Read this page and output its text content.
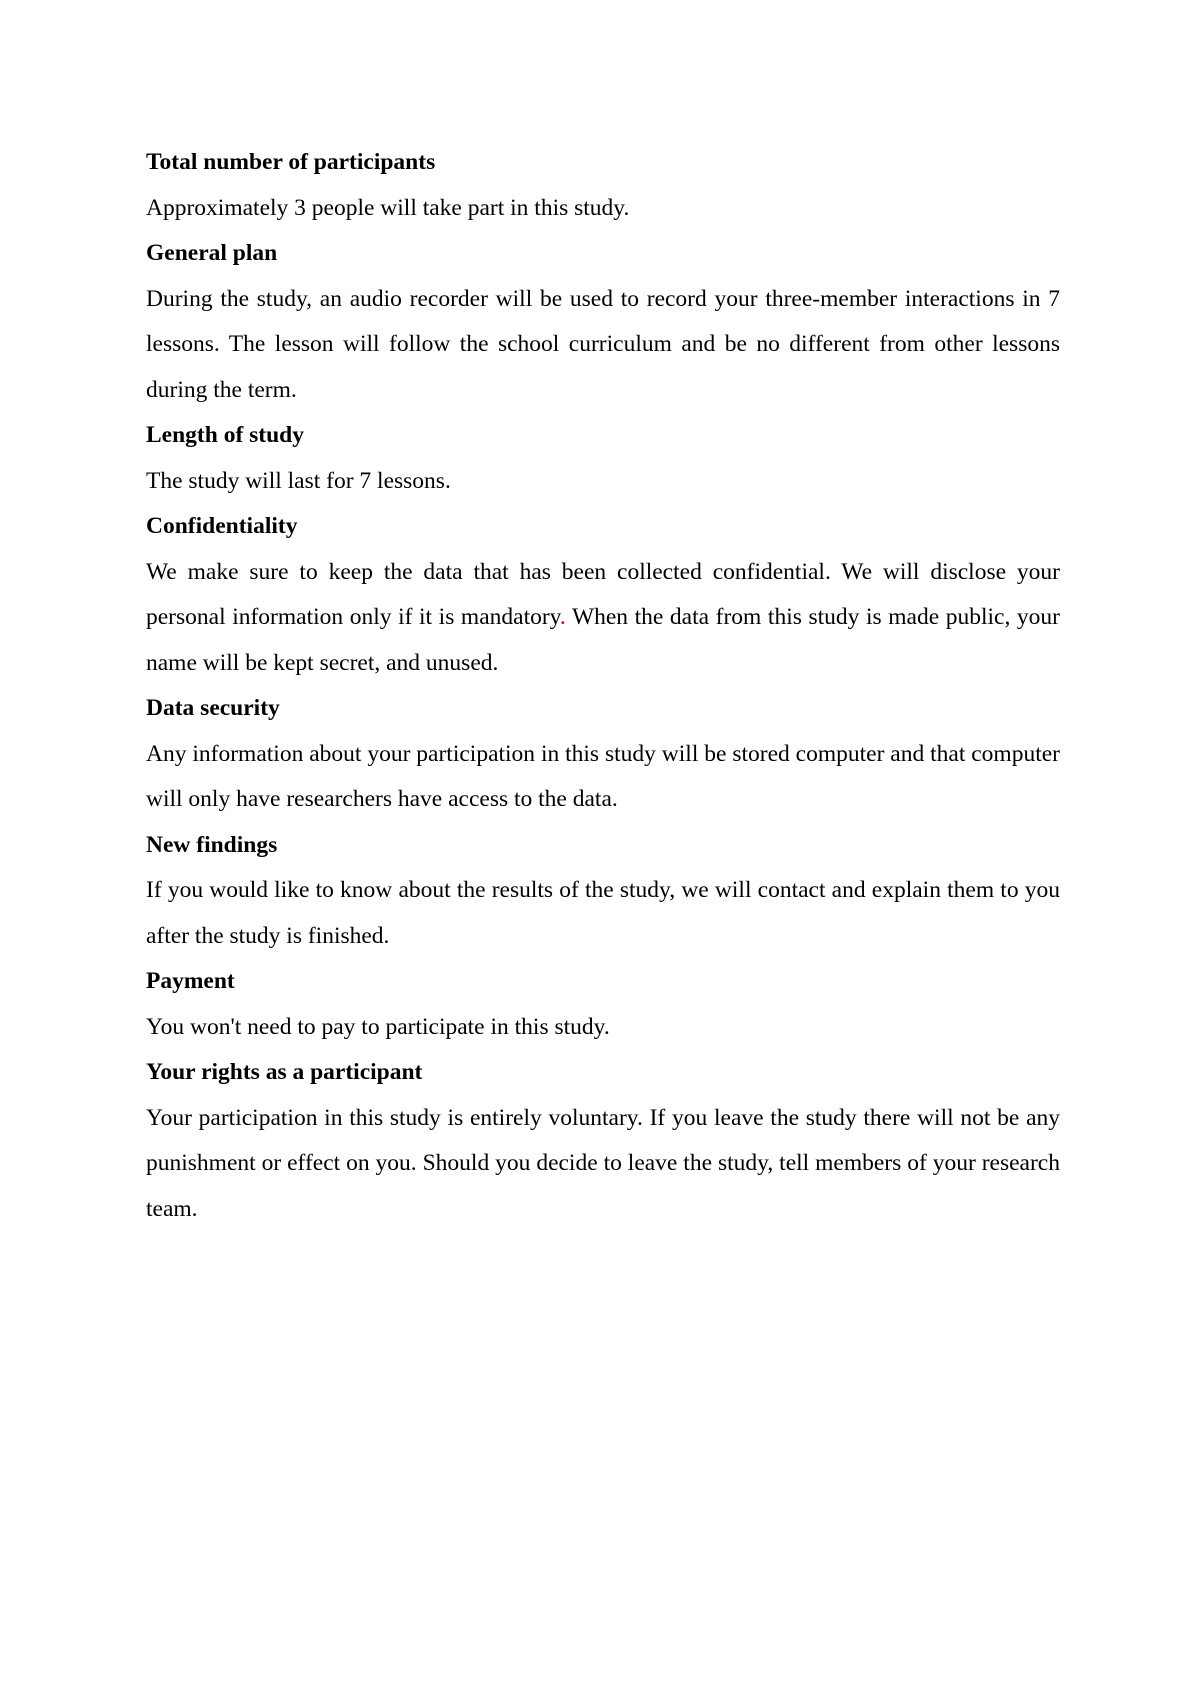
Total number of participants

Approximately 3 people will take part in this study.

General plan

During the study, an audio recorder will be used to record your three-member interactions in 7 lessons. The lesson will follow the school curriculum and be no different from other lessons during the term.

Length of study

The study will last for 7 lessons.

Confidentiality

We make sure to keep the data that has been collected confidential. We will disclose your personal information only if it is mandatory. When the data from this study is made public, your name will be kept secret, and unused.

Data security

Any information about your participation in this study will be stored computer and that computer will only have researchers have access to the data.

New findings

If you would like to know about the results of the study, we will contact and explain them to you after the study is finished.

Payment

You won't need to pay to participate in this study.

Your rights as a participant

Your participation in this study is entirely voluntary. If you leave the study there will not be any punishment or effect on you. Should you decide to leave the study, tell members of your research team.
